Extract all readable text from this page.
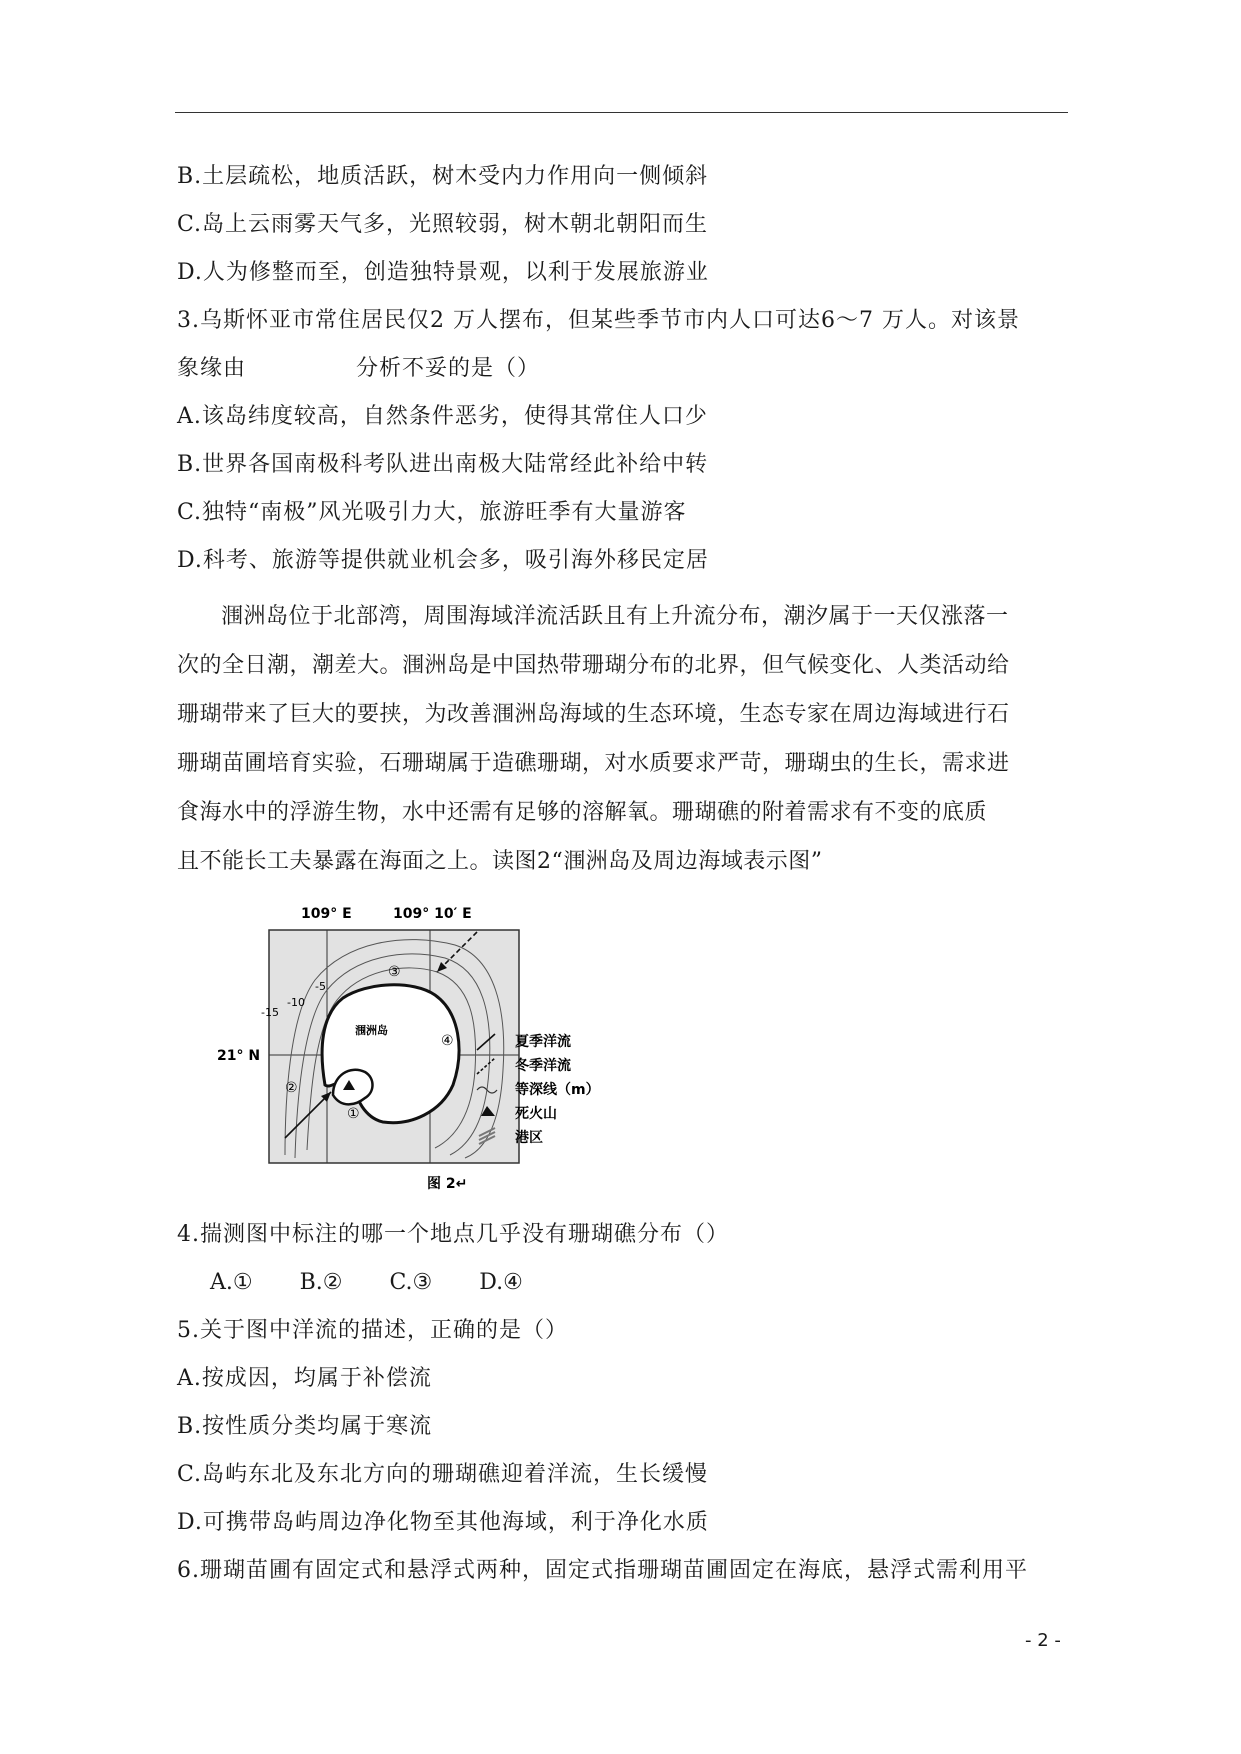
B.土层疏松，地质活跃，树木受内力作用向一侧倾斜
C.岛上云雨雾天气多，光照较弱，树木朝北朝阳而生
D.人为修整而至，创造独特景观，以利于发展旅游业
3.乌斯怀亚市常住居民仅2 万人摆布，但某些季节市内人口可达6～7 万人。对该景
象缘由	分析不妥的是（）
A.该岛纬度较高，自然条件恶劣，使得其常住人口少
B.世界各国南极科考队进出南极大陆常经此补给中转
C.独特“南极”风光吸引力大，旅游旺季有大量游客
D.科考、旅游等提供就业机会多，吸引海外移民定居

涠洲岛位于北部湾，周围海域洋流活跃且有上升流分布，潮汐属于一天仅涨落一

次的全日潮，潮差大。涠洲岛是中国热带珊瑚分布的北界，但气候变化、人类活动给

珊瑚带来了巨大的要挟，为改善涠洲岛海域的生态环境，生态专家在周边海域进行石

珊瑚苗圃培育实验，石珊瑚属于造礁珊瑚，对水质要求严苛，珊瑚虫的生长，需求进

食海水中的浮游生物，水中还需有足够的溶解氧。珊瑚礁的附着需求有不变的底质

且不能长工夫暴露在海面之上。读图2“涠洲岛及周边海域表示图”

109° E	109° 10′ E
21° N
涠洲岛
-5
-10
-15
①
②
③
④	夏季洋流
冬季洋流
等深线（m）
死火山
港区
图 2↵
4.揣测图中标注的哪一个地点几乎没有珊瑚礁分布（）
A.① B.② C.③ D.④
5.关于图中洋流的描述，正确的是（）
A.按成因，均属于补偿流
B.按性质分类均属于寒流
C.岛屿东北及东北方向的珊瑚礁迎着洋流，生长缓慢
D.可携带岛屿周边净化物至其他海域，利于净化水质
6.珊瑚苗圃有固定式和悬浮式两种，固定式指珊瑚苗圃固定在海底，悬浮式需利用平
- 2 -
